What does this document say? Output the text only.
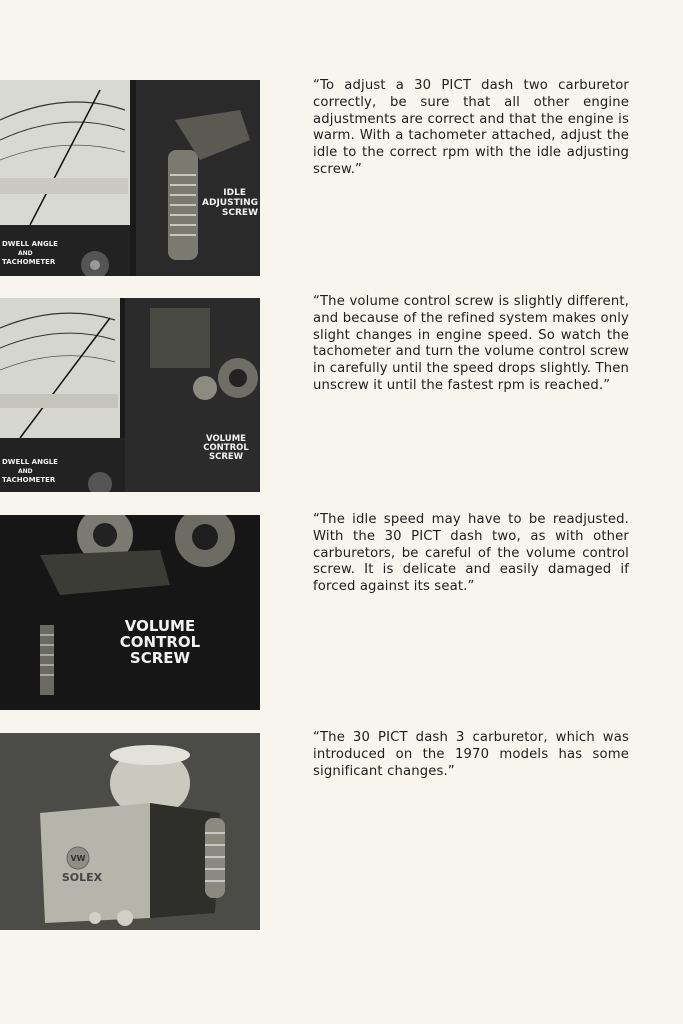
DWELL ANGLE
AND
TACHOMETER
IDLE
ADJUSTING
SCREW
“To adjust a 30 PICT dash two carburetor correctly, be sure that all other engine adjustments are correct and that the engine is warm. With a tachometer attached, adjust the idle to the correct rpm with the idle adjusting screw.”
DWELL ANGLE
AND
TACHOMETER
VOLUME
CONTROL
SCREW
“The volume control screw is slightly different, and because of the refined system makes only slight changes in engine speed. So watch the tachometer and turn the volume control screw in carefully until the speed drops slightly. Then unscrew it until the fastest rpm is reached.”
VOLUME
CONTROL
SCREW
“The idle speed may have to be readjusted. With the 30 PICT dash two, as with other carburetors, be careful of the volume control screw. It is delicate and easily damaged if forced against its seat.”
VW
SOLEX
“The 30 PICT dash 3 carburetor, which was introduced on the 1970 models has some significant changes.”
